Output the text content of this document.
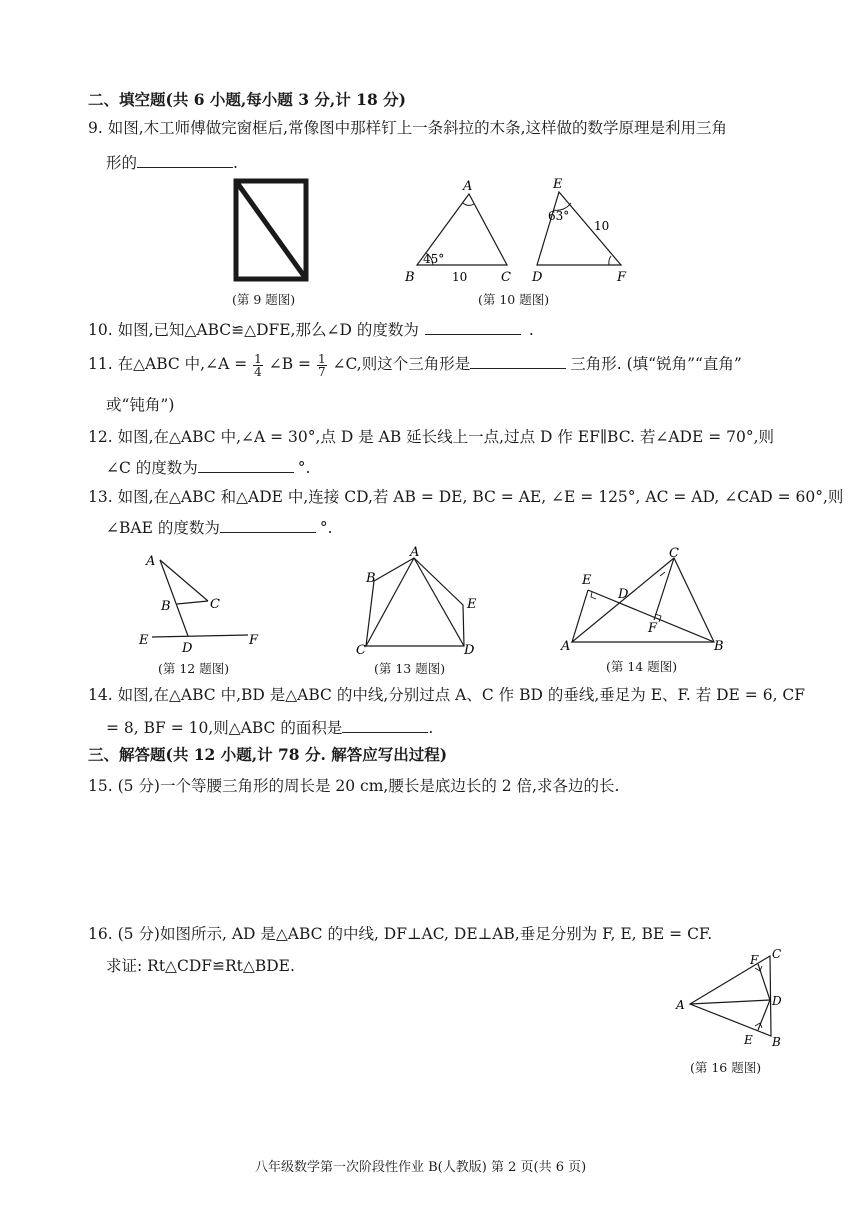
二、填空题(共 6 小题,每小题 3 分,计 18 分)
9. 如图,木工师傅做完窗框后,常像图中那样钉上一条斜拉的木条,这样做的数学原理是利用三角
形的	.
(第 9 题图)
A
B	C
45°
10
E
D	F
63°
10
(第 10 题图)
10. 如图,已知△ABC≌△DFE,那么∠D 的度数为	.
11. 在△ABC 中,∠A = $\frac{1}{4}$ ∠B = $\frac{1}{7}$ ∠C,则这个三角形是	三角形. (填“锐角”“直角”
或“钝角”)
12. 如图,在△ABC 中,∠A = 30°,点 D 是 AB 延长线上一点,过点 D 作 EF∥BC. 若∠ADE = 70°,则
∠C 的度数为	°.
13. 如图,在△ABC 和△ADE 中,连接 CD,若 AB = DE, BC = AE, ∠E = 125°, AC = AD, ∠CAD = 60°,则
∠BAE 的度数为	°.
A
B	C
E
D
F
(第 12 题图)
A
B
C	D
E
(第 13 题图)
A	B
C
D
E
F
(第 14 题图)
14. 如图,在△ABC 中,BD 是△ABC 的中线,分别过点 A、C 作 BD 的垂线,垂足为 E、F. 若 DE = 6, CF
= 8, BF = 10,则△ABC 的面积是	.
三、解答题(共 12 小题,计 78 分. 解答应写出过程)
15. (5 分)一个等腰三角形的周长是 20 cm,腰长是底边长的 2 倍,求各边的长.
16. (5 分)如图所示, AD 是△ABC 的中线, DF⊥AC, DE⊥AB,垂足分别为 F, E, BE = CF.
求证: Rt△CDF≌Rt△BDE.
C
F
A	D
E B
(第 16 题图)
八年级数学第一次阶段性作业 B(人教版) 第 2 页(共 6 页)
